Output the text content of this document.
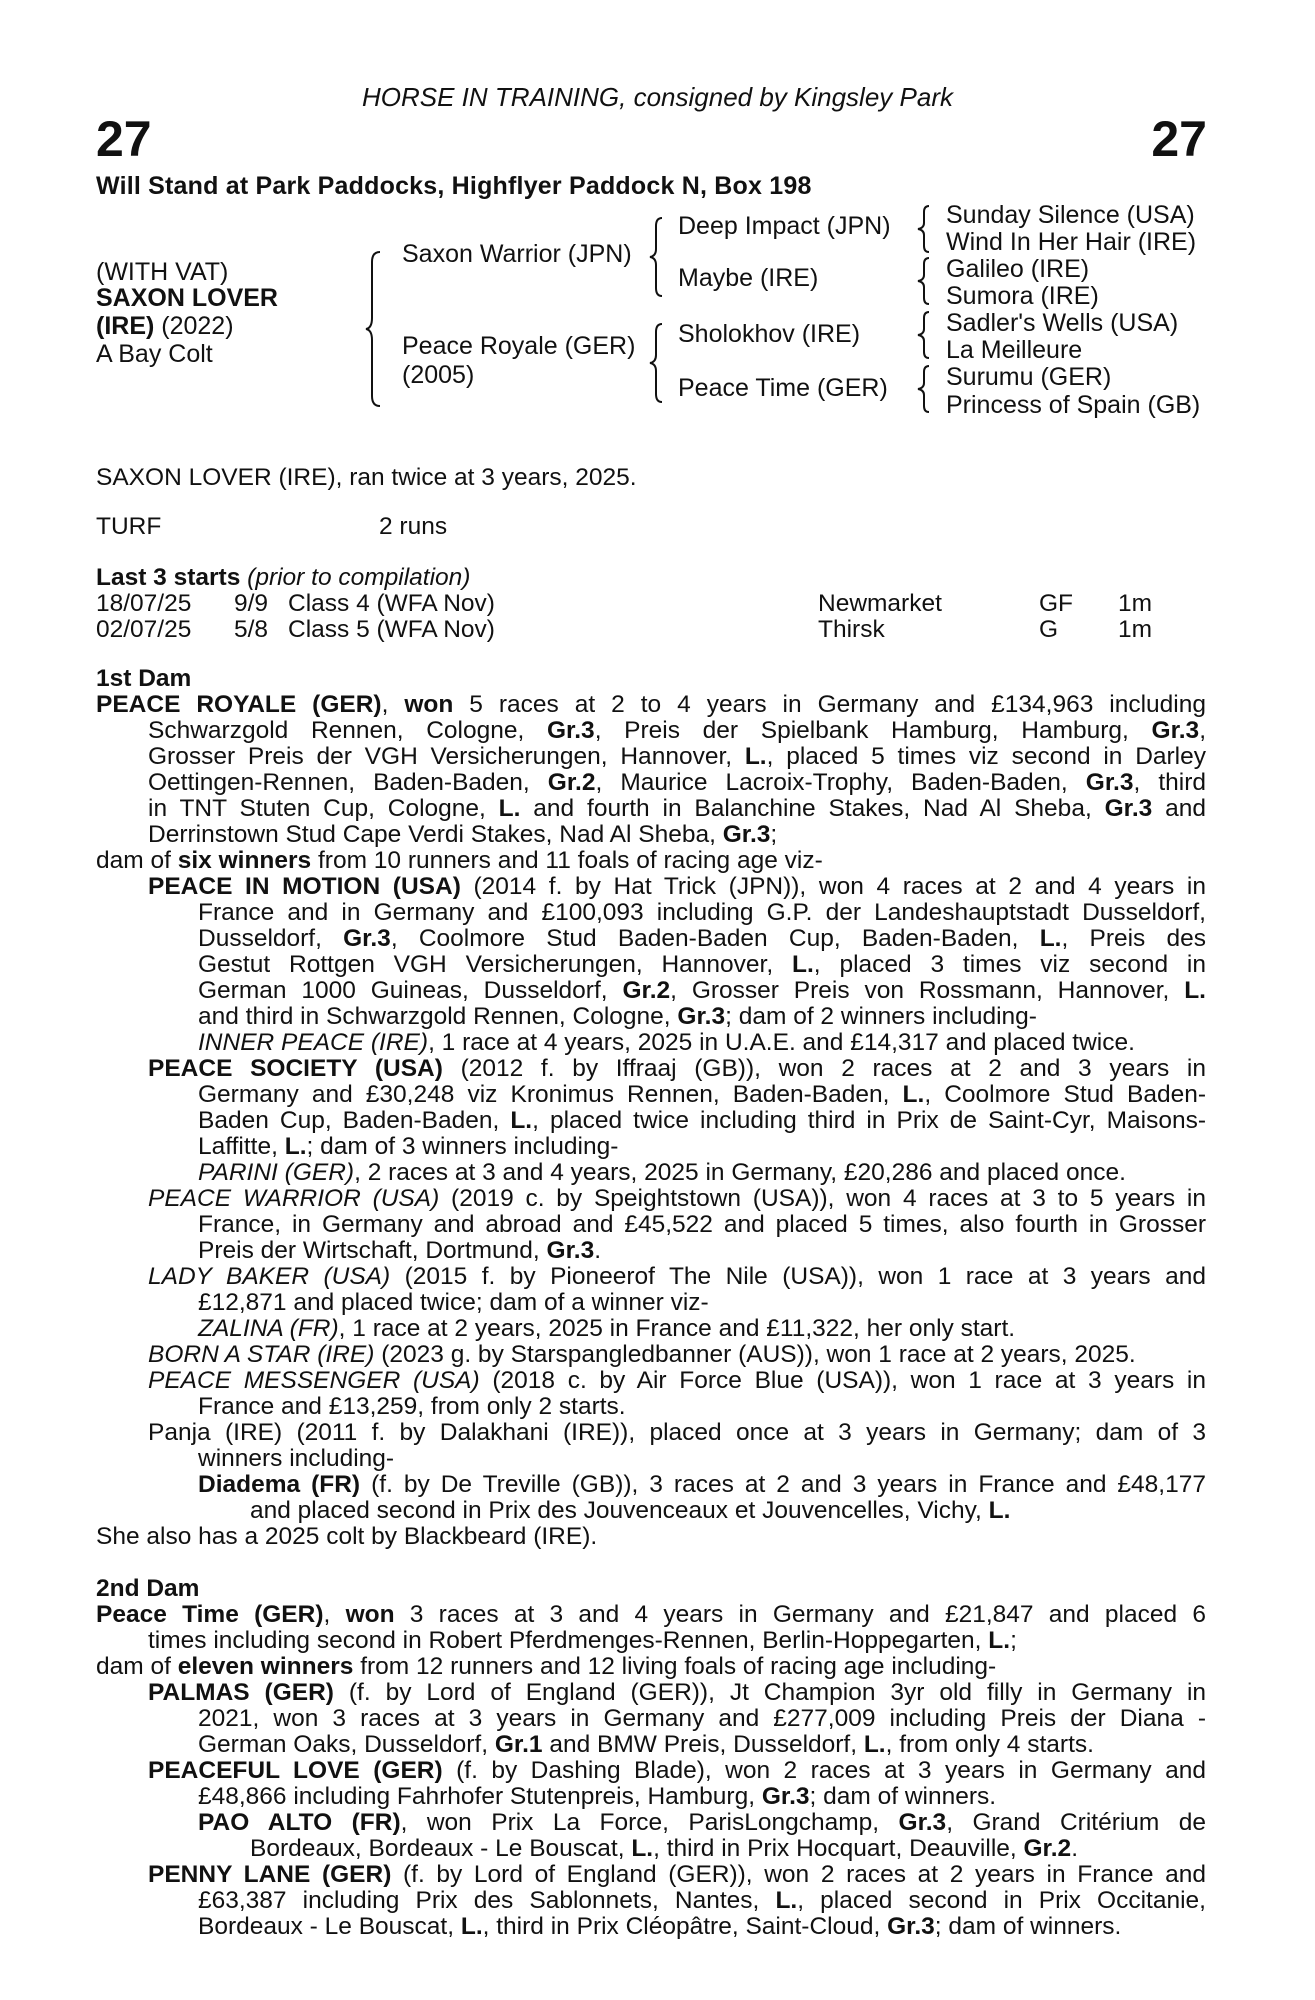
HORSE IN TRAINING, consigned by Kingsley Park
27	27
Will Stand at Park Paddocks, Highflyer Paddock N, Box 198
(WITH VAT)
SAXON LOVER
(IRE) (2022)
A Bay Colt
Saxon Warrior (JPN)
Peace Royale (GER)
(2005)
Deep Impact (JPN)
Maybe (IRE)
Sholokhov (IRE)
Peace Time (GER)
Sunday Silence (USA)
Wind In Her Hair (IRE)
Galileo (IRE)
Sumora (IRE)
Sadler's Wells (USA)
La Meilleure
Surumu (GER)
Princess of Spain (GB)
SAXON LOVER (IRE), ran twice at 3 years, 2025.
TURF	2 runs
Last 3 starts (prior to compilation)
18/07/25 9/9 Class 4 (WFA Nov)	Newmarket	GF 1m
02/07/25 5/8 Class 5 (WFA Nov)	Thirsk	G 1m
1st Dam
PEACE ROYALE (GER), won 5 races at 2 to 4 years in Germany and £134,963 including
Schwarzgold Rennen, Cologne, Gr.3, Preis der Spielbank Hamburg, Hamburg, Gr.3,
Grosser Preis der VGH Versicherungen, Hannover, L., placed 5 times viz second in Darley
Oettingen-Rennen, Baden-Baden, Gr.2, Maurice Lacroix-Trophy, Baden-Baden, Gr.3, third
in TNT Stuten Cup, Cologne, L. and fourth in Balanchine Stakes, Nad Al Sheba, Gr.3 and
Derrinstown Stud Cape Verdi Stakes, Nad Al Sheba, Gr.3;
dam of six winners from 10 runners and 11 foals of racing age viz-
PEACE IN MOTION (USA) (2014 f. by Hat Trick (JPN)), won 4 races at 2 and 4 years in
France and in Germany and £100,093 including G.P. der Landeshauptstadt Dusseldorf,
Dusseldorf, Gr.3, Coolmore Stud Baden-Baden Cup, Baden-Baden, L., Preis des
Gestut Rottgen VGH Versicherungen, Hannover, L., placed 3 times viz second in
German 1000 Guineas, Dusseldorf, Gr.2, Grosser Preis von Rossmann, Hannover, L.
and third in Schwarzgold Rennen, Cologne, Gr.3; dam of 2 winners including-
INNER PEACE (IRE), 1 race at 4 years, 2025 in U.A.E. and £14,317 and placed twice.
PEACE SOCIETY (USA) (2012 f. by Iffraaj (GB)), won 2 races at 2 and 3 years in
Germany and £30,248 viz Kronimus Rennen, Baden-Baden, L., Coolmore Stud Baden-
Baden Cup, Baden-Baden, L., placed twice including third in Prix de Saint-Cyr, Maisons-
Laffitte, L.; dam of 3 winners including-
PARINI (GER), 2 races at 3 and 4 years, 2025 in Germany, £20,286 and placed once.
PEACE WARRIOR (USA) (2019 c. by Speightstown (USA)), won 4 races at 3 to 5 years in
France, in Germany and abroad and £45,522 and placed 5 times, also fourth in Grosser
Preis der Wirtschaft, Dortmund, Gr.3.
LADY BAKER (USA) (2015 f. by Pioneerof The Nile (USA)), won 1 race at 3 years and
£12,871 and placed twice; dam of a winner viz-
ZALINA (FR), 1 race at 2 years, 2025 in France and £11,322, her only start.
BORN A STAR (IRE) (2023 g. by Starspangledbanner (AUS)), won 1 race at 2 years, 2025.
PEACE MESSENGER (USA) (2018 c. by Air Force Blue (USA)), won 1 race at 3 years in
France and £13,259, from only 2 starts.
Panja (IRE) (2011 f. by Dalakhani (IRE)), placed once at 3 years in Germany; dam of 3
winners including-
Diadema (FR) (f. by De Treville (GB)), 3 races at 2 and 3 years in France and £48,177
and placed second in Prix des Jouvenceaux et Jouvencelles, Vichy, L.
She also has a 2025 colt by Blackbeard (IRE).
2nd Dam
Peace Time (GER), won 3 races at 3 and 4 years in Germany and £21,847 and placed 6
times including second in Robert Pferdmenges-Rennen, Berlin-Hoppegarten, L.;
dam of eleven winners from 12 runners and 12 living foals of racing age including-
PALMAS (GER) (f. by Lord of England (GER)), Jt Champion 3yr old filly in Germany in
2021, won 3 races at 3 years in Germany and £277,009 including Preis der Diana -
German Oaks, Dusseldorf, Gr.1 and BMW Preis, Dusseldorf, L., from only 4 starts.
PEACEFUL LOVE (GER) (f. by Dashing Blade), won 2 races at 3 years in Germany and
£48,866 including Fahrhofer Stutenpreis, Hamburg, Gr.3; dam of winners.
PAO ALTO (FR), won Prix La Force, ParisLongchamp, Gr.3, Grand Critérium de
Bordeaux, Bordeaux - Le Bouscat, L., third in Prix Hocquart, Deauville, Gr.2.
PENNY LANE (GER) (f. by Lord of England (GER)), won 2 races at 2 years in France and
£63,387 including Prix des Sablonnets, Nantes, L., placed second in Prix Occitanie,
Bordeaux - Le Bouscat, L., third in Prix Cléopâtre, Saint-Cloud, Gr.3; dam of winners.
